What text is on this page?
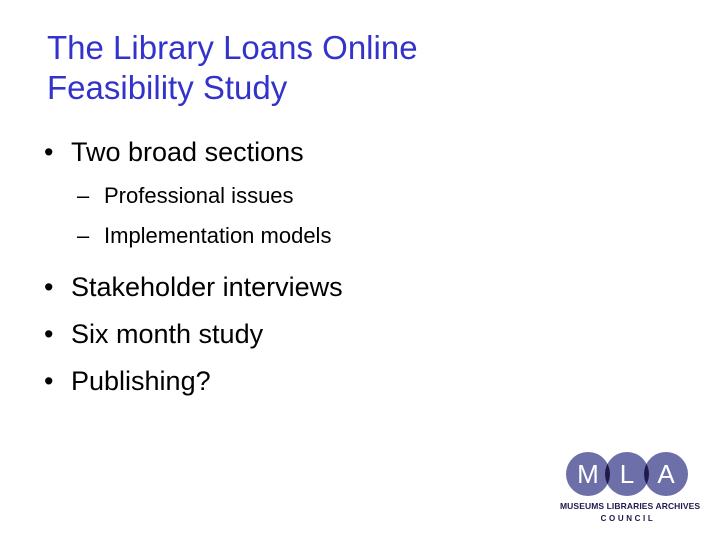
The Library Loans Online
Feasibility Study
• Two broad sections
– Professional issues
– Implementation models
• Stakeholder interviews
• Six month study
• Publishing?
M L A
MUSEUMS LIBRARIES ARCHIVES
COUNCIL
